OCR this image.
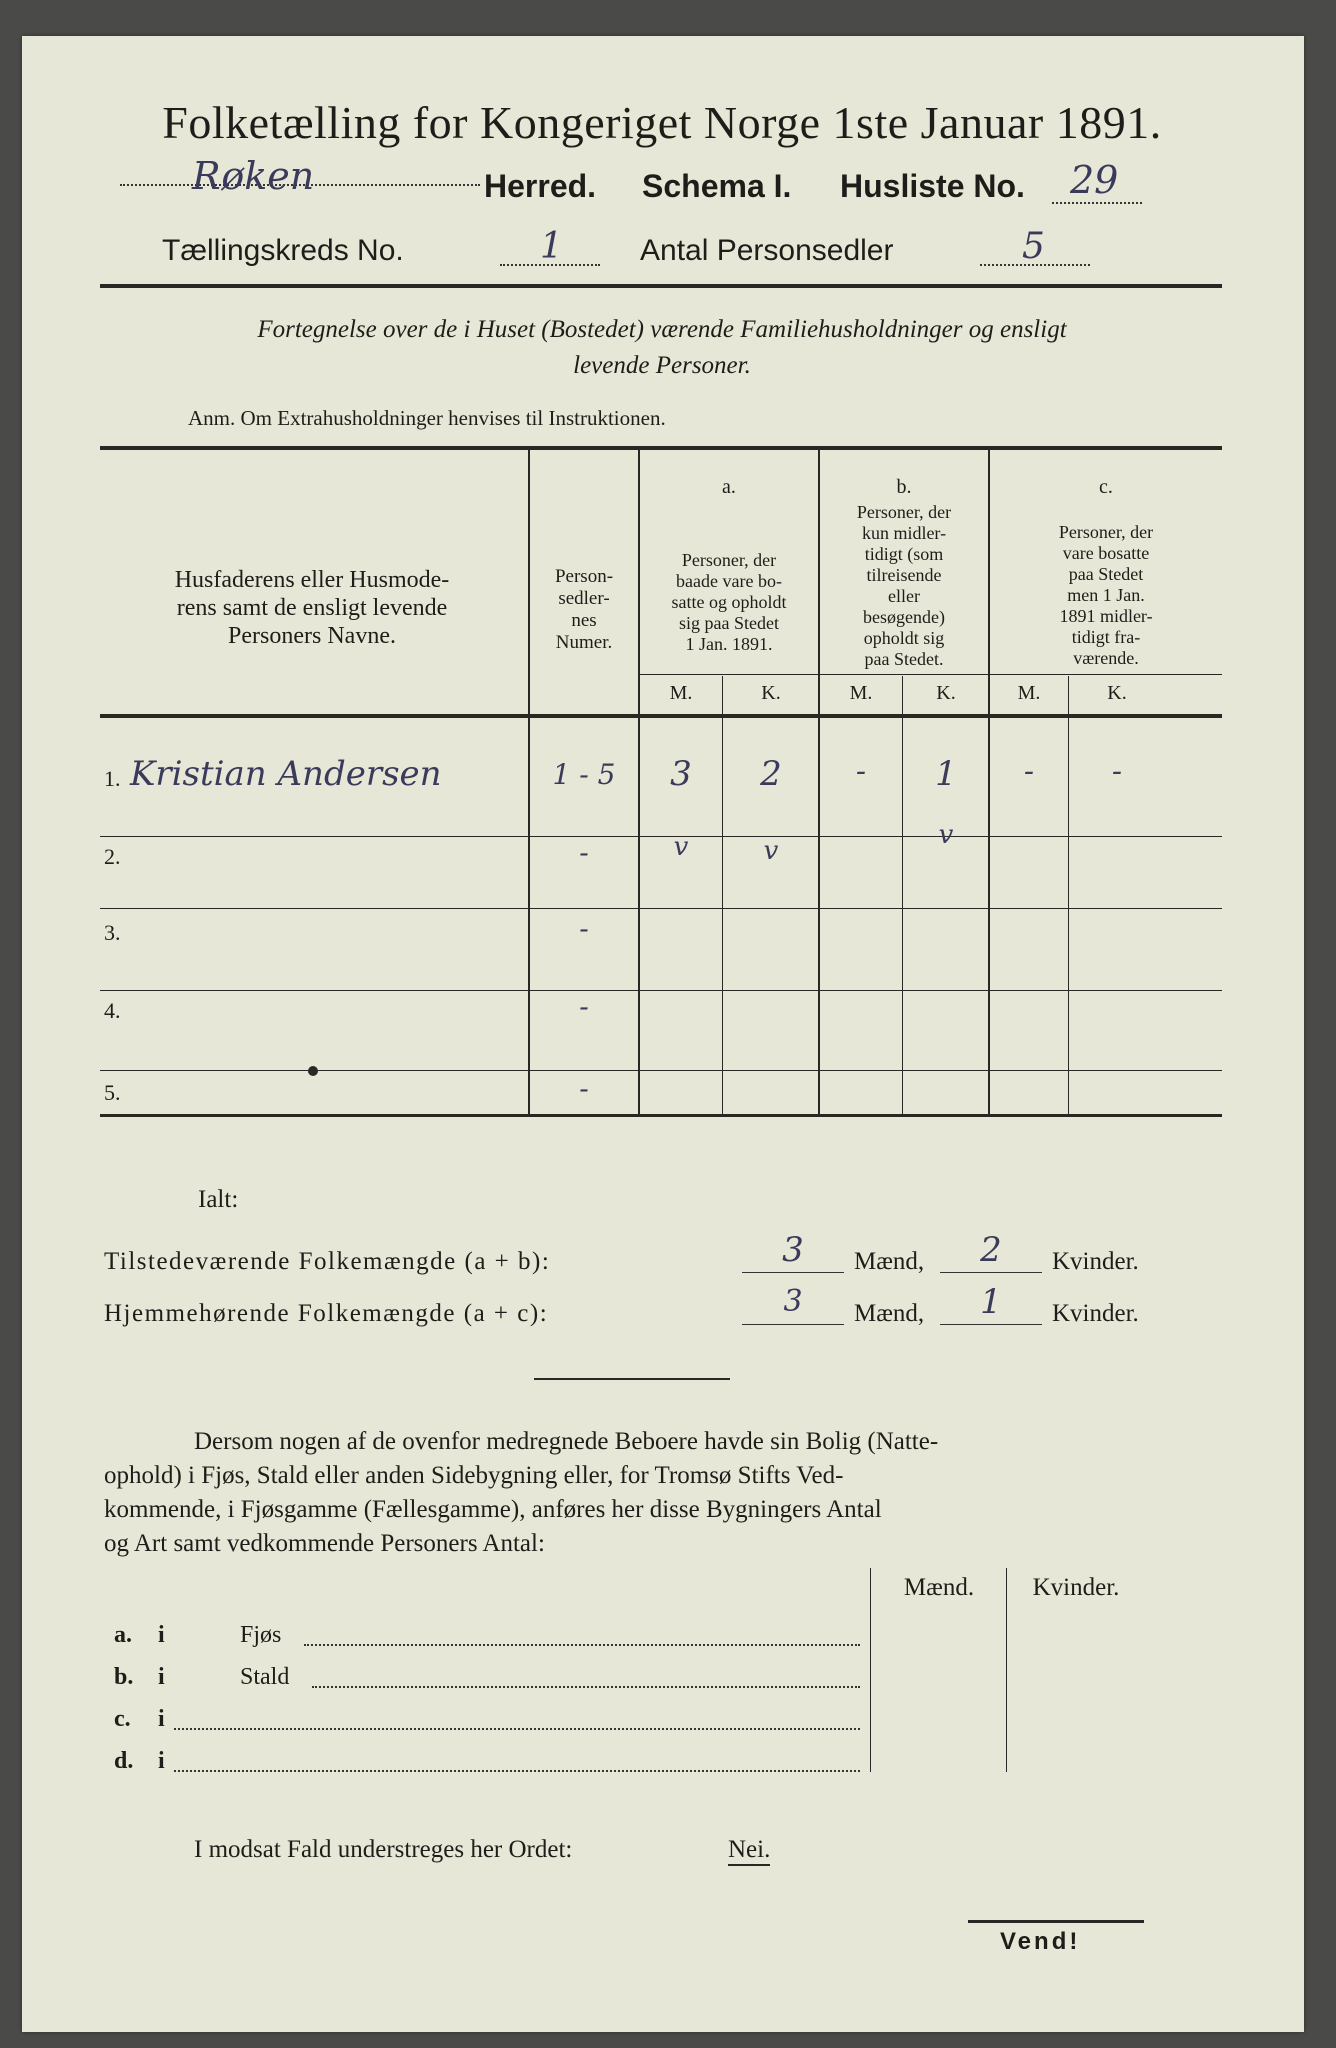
Folketælling for Kongeriget Norge 1ste Januar 1891.
Røken	Herred. Schema I. Husliste No. 29
Tællingskreds No.	1	Antal Personsedler	5
Fortegnelse over de i Huset (Bostedet) værende Familiehusholdninger og ensligt
levende Personer.
Anm. Om Extrahusholdninger henvises til Instruktionen.
Husfaderens eller Husmode-
rens samt de ensligt levende
Personers Navne.
Person-
sedler-
nes
Numer.
a.
Personer, der
baade vare bo-
satte og opholdt
sig paa Stedet
1 Jan. 1891.
b.
Personer, der
kun midler-
tidigt (som
tilreisende
eller
besøgende)
opholdt sig
paa Stedet.
c.
Personer, der
vare bosatte
paa Stedet
men 1 Jan.
1891 midler-
tidigt fra-
værende.
M.	K.	M.	K.	M.	K.
1. Kristian Andersen	1 - 5	3	2	-	1	-	-
2.	-	v	v
v
3.	-
4.	-
5.	-
Ialt:
Tilstedeværende Folkemængde (a + b):	3	Mænd,	2	Kvinder.
Hjemmehørende Folkemængde (a + c):	3	Mænd,	1	Kvinder.
Dersom nogen af de ovenfor medregnede Beboere havde sin Bolig (Natte-
ophold) i Fjøs, Stald eller anden Sidebygning eller, for Tromsø Stifts Ved-
kommende, i Fjøsgamme (Fællesgamme), anføres her disse Bygningers Antal
og Art samt vedkommende Personers Antal:
Mænd.	Kvinder.
a. i	Fjøs
b. i	Stald
c. i
d. i
I modsat Fald understreges her Ordet:	Nei.
Vend!
